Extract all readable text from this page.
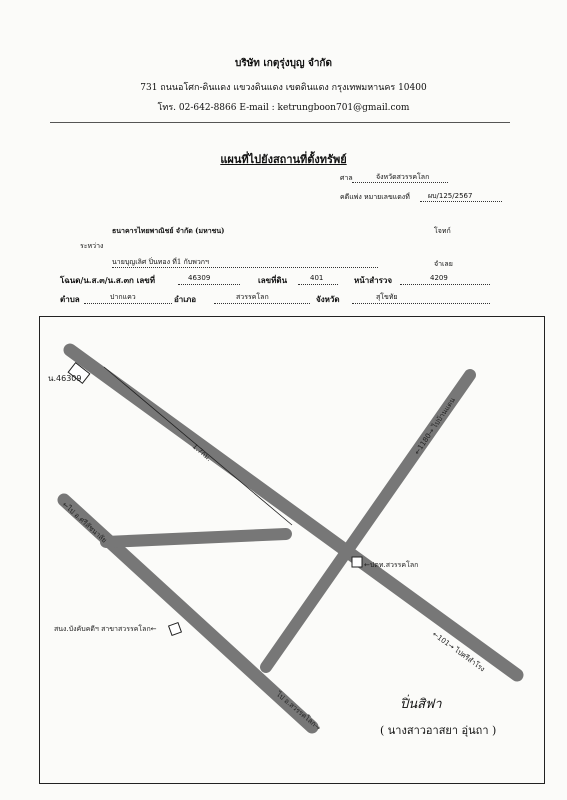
บริษัท เกตุรุ่งบุญ จำกัด
731 ถนนอโศก-ดินแดง แขวงดินแดง เขตดินแดง กรุงเทพมหานคร 10400
โทร. 02-642-8866 E-mail : ketrungboon701@gmail.com
แผนที่ไปยังสถานที่ตั้งทรัพย์
ศาล	จังหวัดสวรรคโลก
คดีแพ่ง หมายเลขแดงที่	ผบ/125/2567
ธนาคารไทยพาณิชย์ จำกัด (มหาชน)	โจทก์
ระหว่าง
นายบุญเลิศ ปิ่นทอง ที่1 กับพวกฯ	จำเลย
โฉนด/น.ส.๓/น.ส.๓ก เลขที่	46309	เลขที่ดิน	401	หน้าสำรวจ	4209
ตำบล	ปากแคว	อำเภอ	สวรรคโลก	จังหวัด	สุโขทัย
น.46309
1.7กม.	←1180→ ไปบ้านแดน
←ไป อ.ศรีสัชนาลัย
←101→ ไปศรีสำโรง
ไป อ.สวรรคโลก→
←ปตท.สวรรคโลก
สนง.บังคับคดีฯ สาขาสวรรคโลก←
ปิ่นสิฟา
( นางสาวอาสยา อุ่นถา )
